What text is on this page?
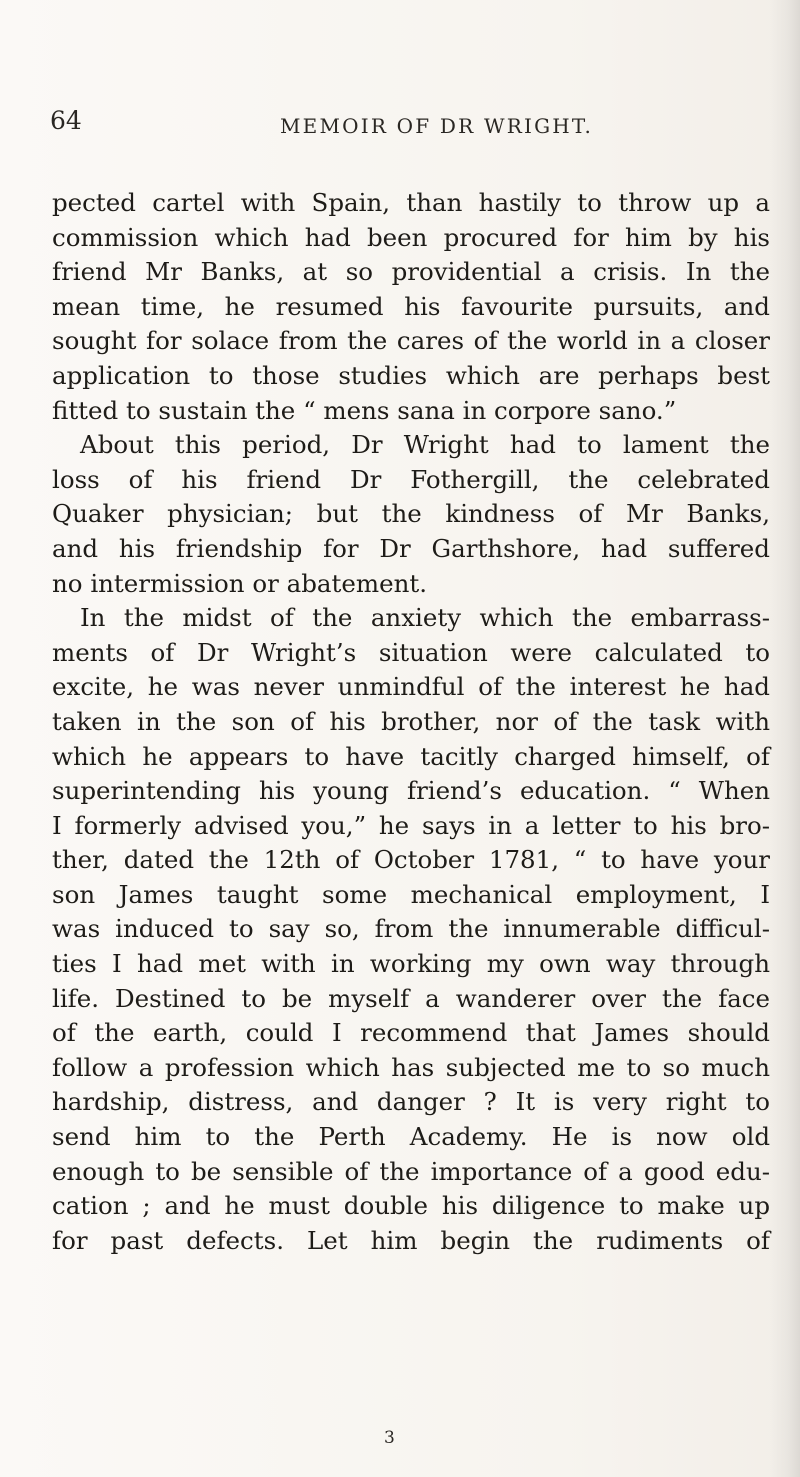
64	MEMOIR OF DR WRIGHT.
pected cartel with Spain, than hastily to throw up a
commission which had been procured for him by his
friend Mr Banks, at so providential a crisis. In the
mean time, he resumed his favourite pursuits, and
sought for solace from the cares of the world in a closer
application to those studies which are perhaps best
fitted to sustain the “ mens sana in corpore sano.”
About this period, Dr Wright had to lament the
loss of his friend Dr Fothergill, the celebrated
Quaker physician; but the kindness of Mr Banks,
and his friendship for Dr Garthshore, had suffered
no intermission or abatement.
In the midst of the anxiety which the embarrass-
ments of Dr Wright’s situation were calculated to
excite, he was never unmindful of the interest he had
taken in the son of his brother, nor of the task with
which he appears to have tacitly charged himself, of
superintending his young friend’s education. “ When
I formerly advised you,” he says in a letter to his bro-
ther, dated the 12th of October 1781, “ to have your
son James taught some mechanical employment, I
was induced to say so, from the innumerable difficul-
ties I had met with in working my own way through
life. Destined to be myself a wanderer over the face
of the earth, could I recommend that James should
follow a profession which has subjected me to so much
hardship, distress, and danger ? It is very right to
send him to the Perth Academy. He is now old
enough to be sensible of the importance of a good edu-
cation ; and he must double his diligence to make up
for past defects. Let him begin the rudiments of
3
